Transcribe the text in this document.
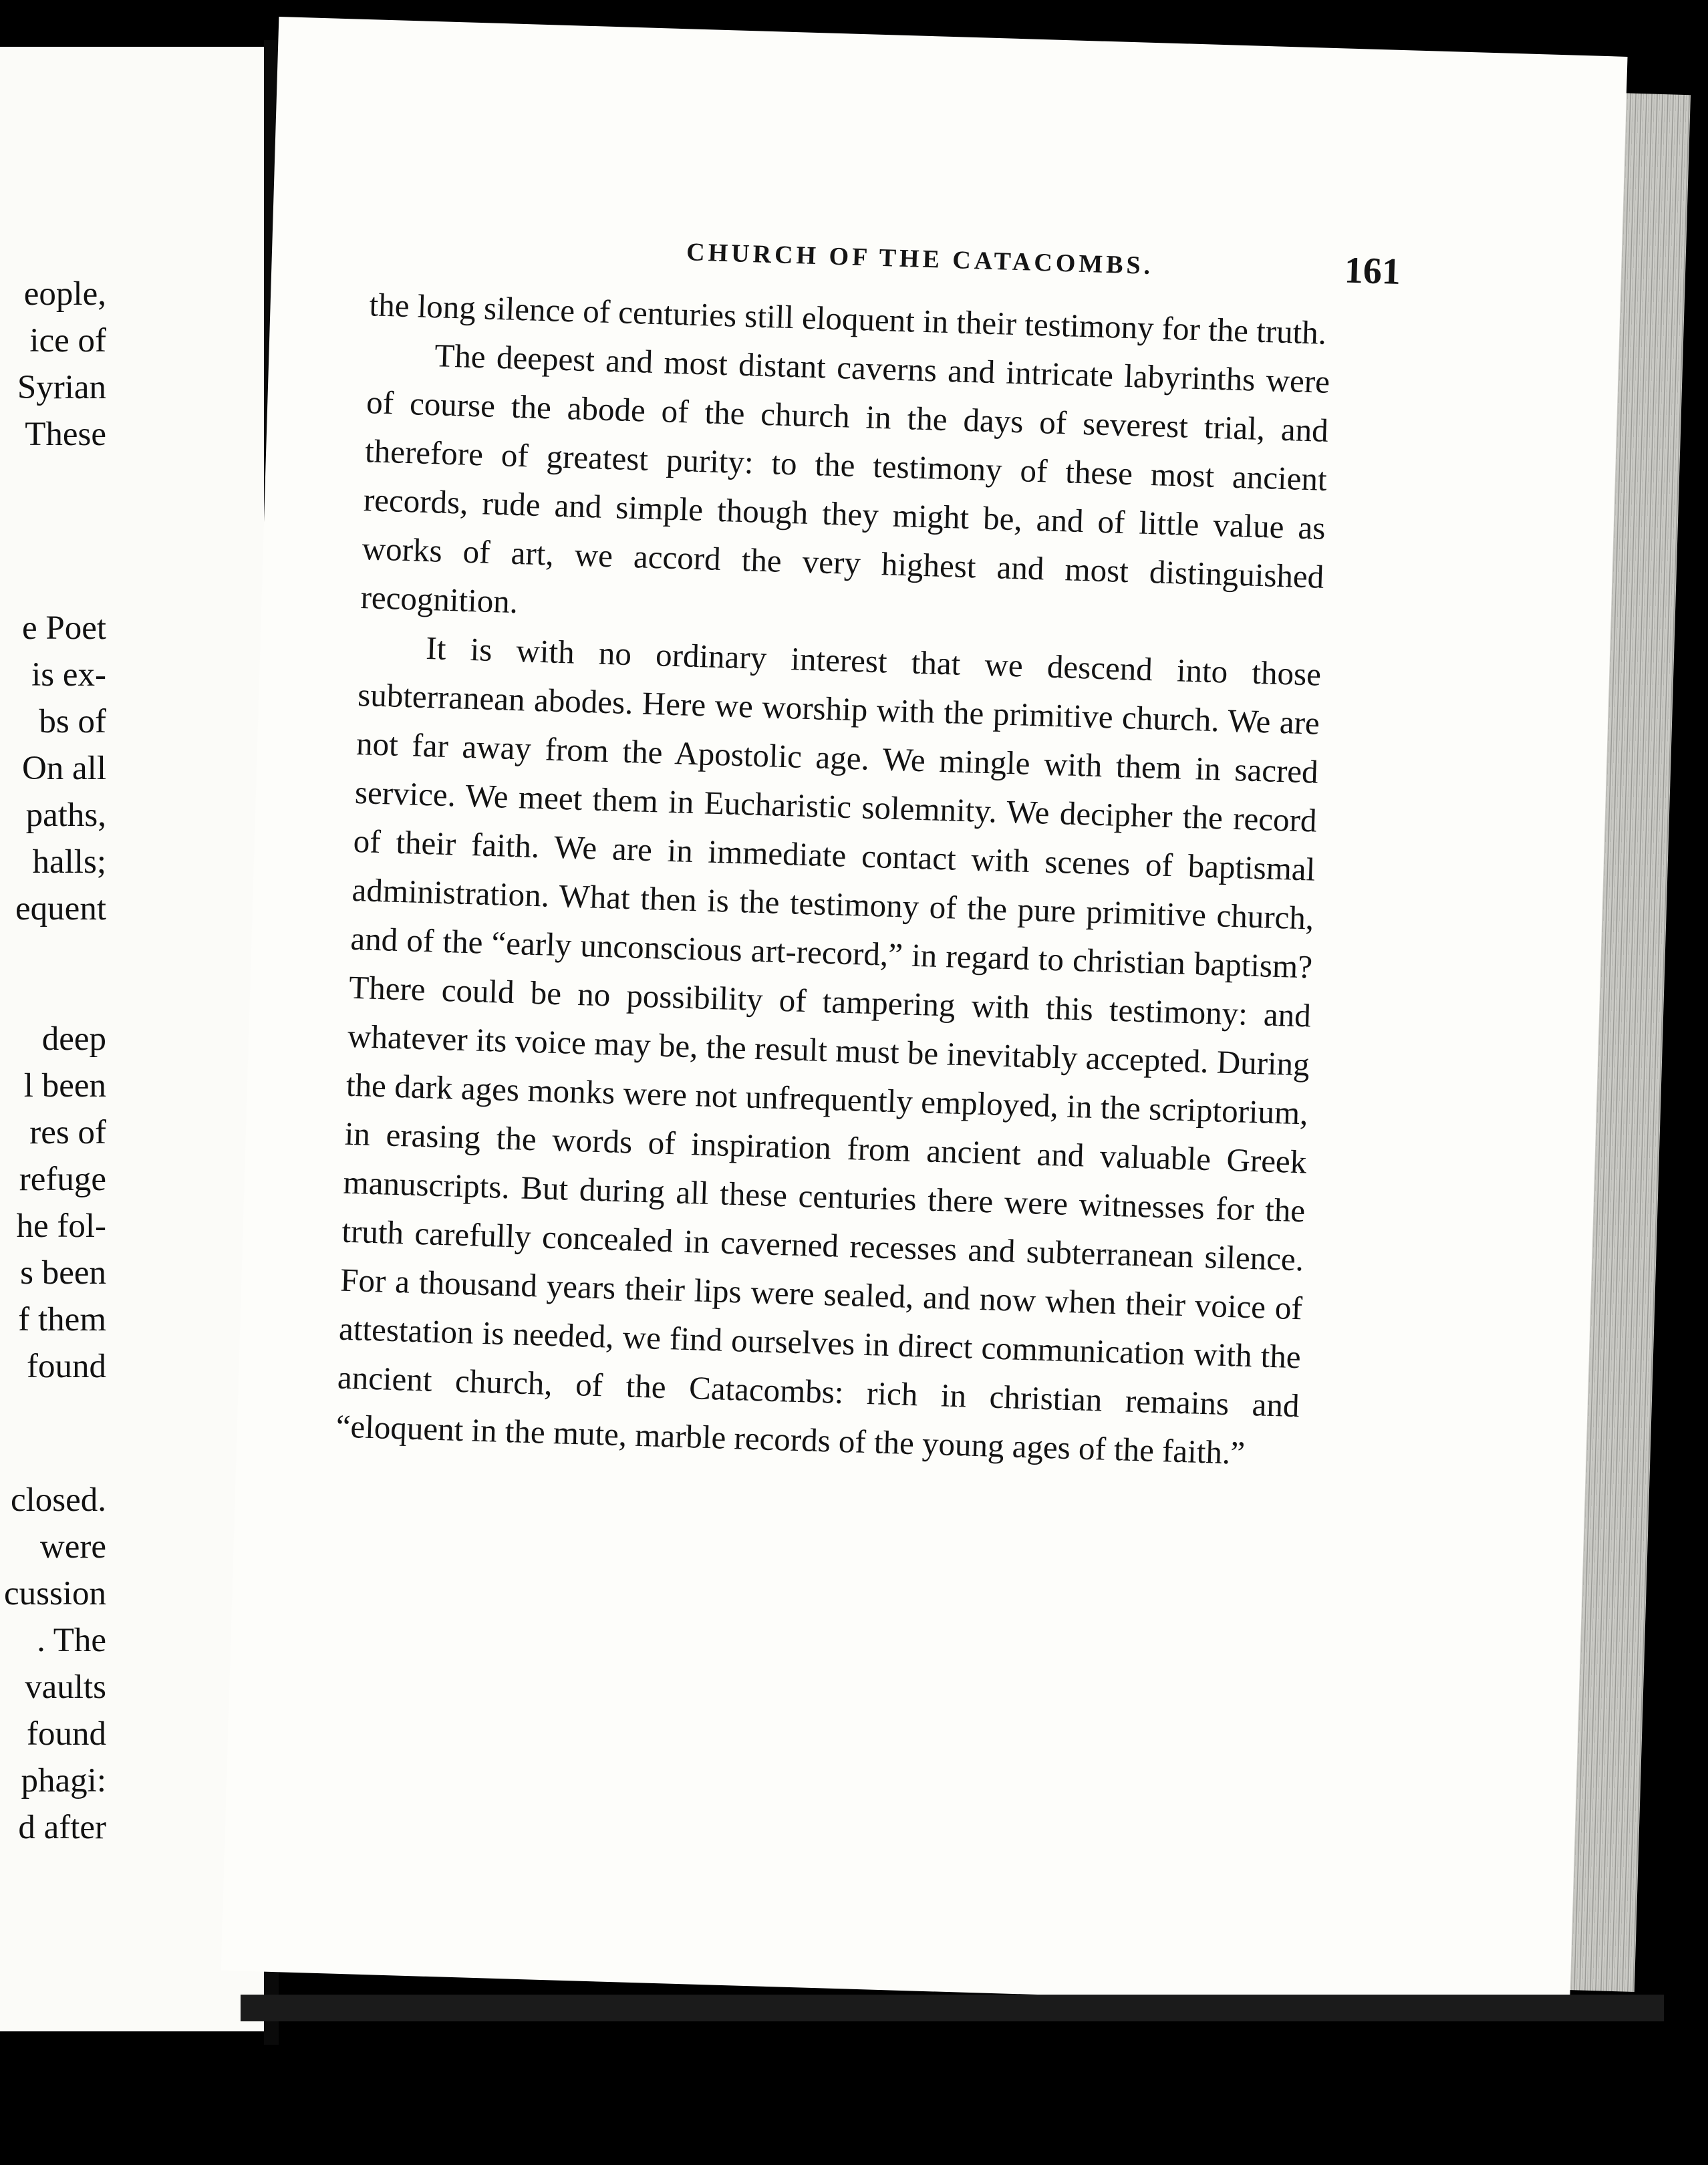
eople,
ice of
Syrian
These
e Poet
is ex-
bs of
On all
paths,
halls;
equent
deep
l been
res of
refuge
he fol-
s been
f them
found
closed.
were
cussion
. The
vaults
found
phagi:
d after
CHURCH OF THE CATACOMBS.	161

the long silence of centuries still eloquent in their testimony for the truth.

The deepest and most distant caverns and intricate labyrinths were of course the abode of the church in the days of severest trial, and therefore of greatest purity: to the testimony of these most ancient records, rude and simple though they might be, and of little value as works of art, we accord the very highest and most distinguished recognition.

It is with no ordinary interest that we descend into those subterranean abodes. Here we worship with the primitive church. We are not far away from the Apostolic age. We mingle with them in sacred service. We meet them in Eucharistic solemnity. We decipher the record of their faith. We are in immediate contact with scenes of baptismal administration. What then is the testimony of the pure primitive church, and of the “early unconscious art-record,” in regard to christian baptism? There could be no possibility of tampering with this testimony: and whatever its voice may be, the result must be inevitably accepted. During the dark ages monks were not unfrequently employed, in the scriptorium, in erasing the words of inspiration from ancient and valuable Greek manuscripts. But during all these centuries there were witnesses for the truth carefully concealed in caverned recesses and subterranean silence. For a thousand years their lips were sealed, and now when their voice of attestation is needed, we find ourselves in direct communication with the ancient church, of the Catacombs: rich in christian remains and “eloquent in the mute, marble records of the young ages of the faith.”
